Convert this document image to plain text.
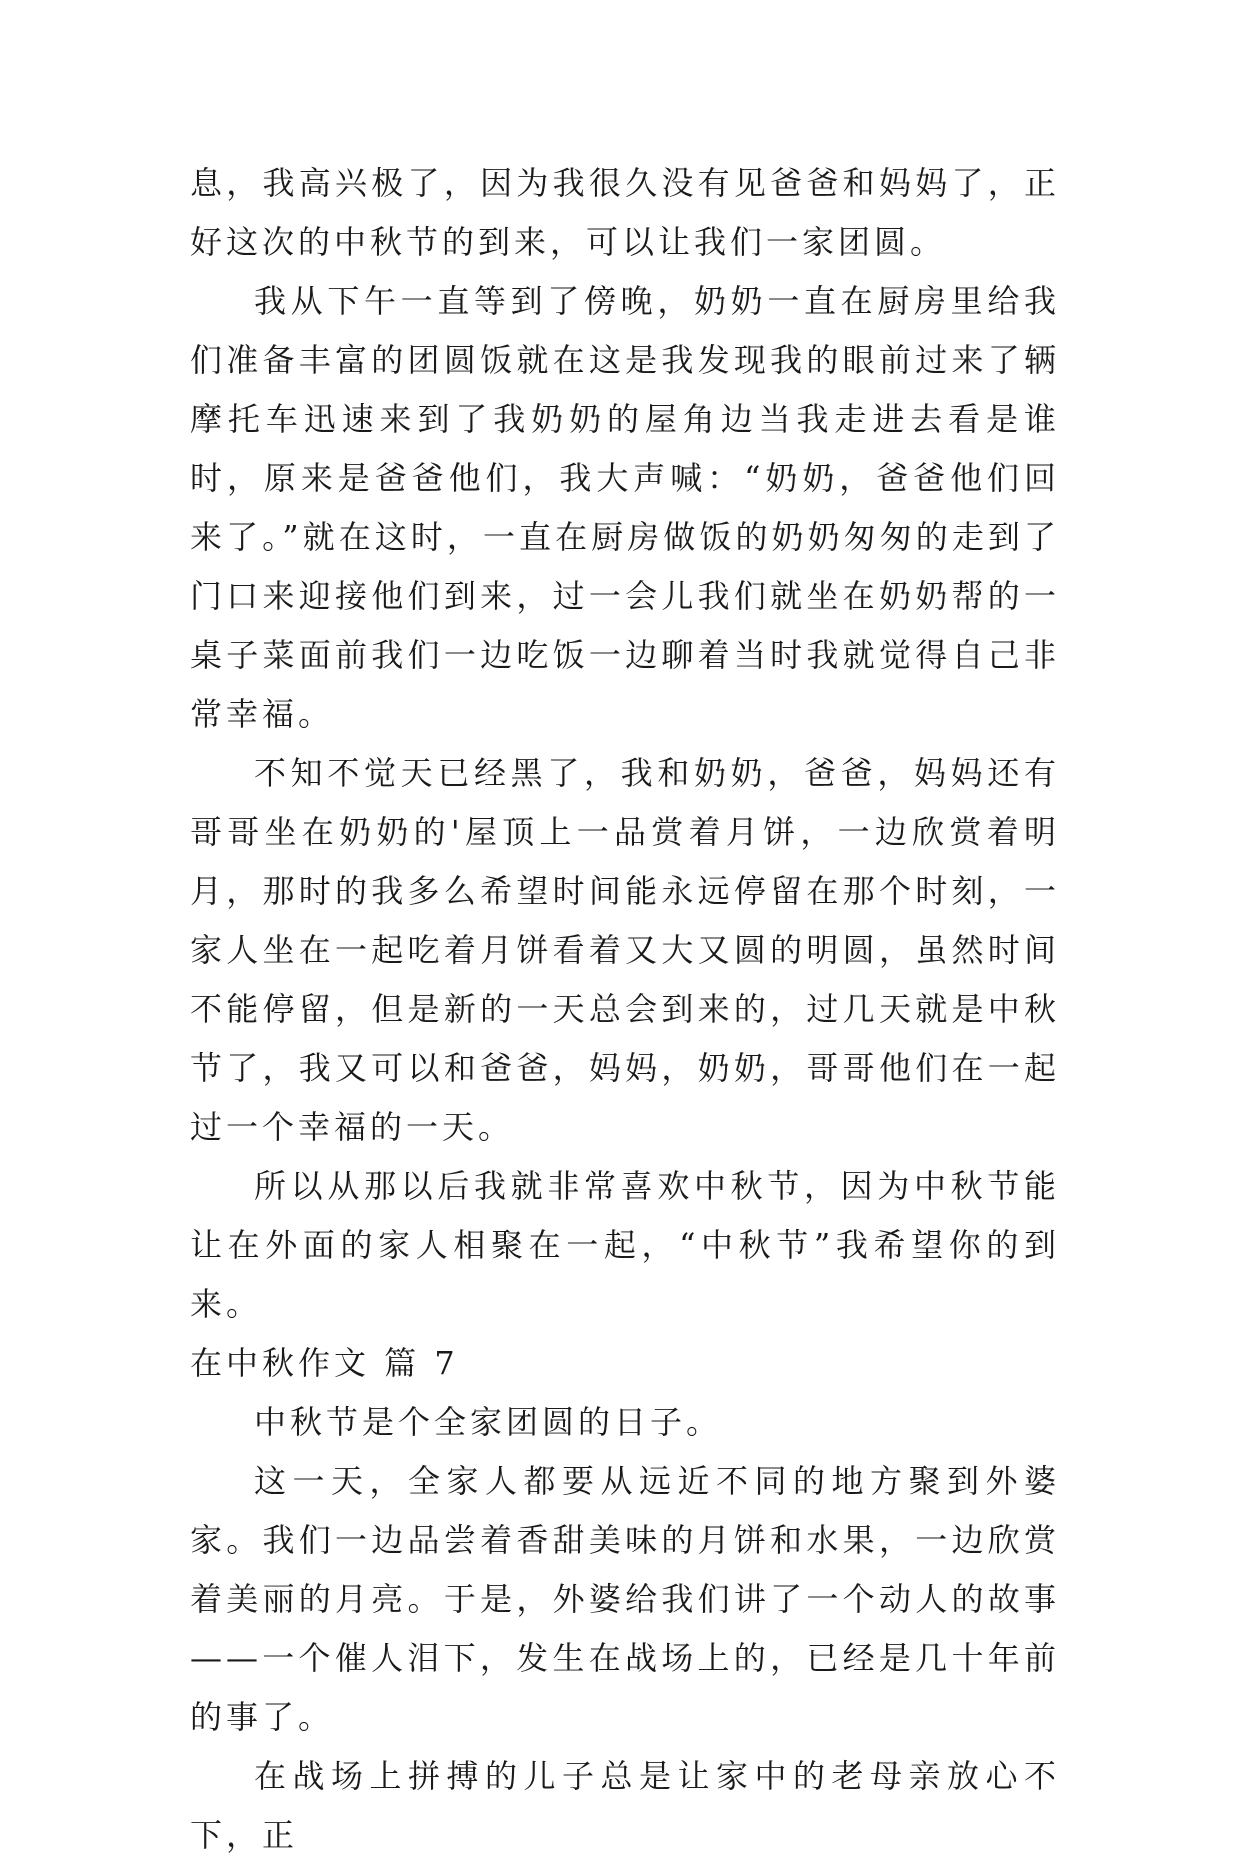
息，我高兴极了，因为我很久没有见爸爸和妈妈了，正好这次的中秋节的到来，可以让我们一家团圆。

我从下午一直等到了傍晚，奶奶一直在厨房里给我们准备丰富的团圆饭就在这是我发现我的眼前过来了辆摩托车迅速来到了我奶奶的屋角边当我走进去看是谁时，原来是爸爸他们，我大声喊：“奶奶，爸爸他们回来了。”就在这时，一直在厨房做饭的奶奶匆匆的走到了门口来迎接他们到来，过一会儿我们就坐在奶奶帮的一桌子菜面前我们一边吃饭一边聊着当时我就觉得自己非常幸福。

不知不觉天已经黑了，我和奶奶，爸爸，妈妈还有哥哥坐在奶奶的'屋顶上一品赏着月饼，一边欣赏着明月，那时的我多么希望时间能永远停留在那个时刻，一家人坐在一起吃着月饼看着又大又圆的明圆，虽然时间不能停留，但是新的一天总会到来的，过几天就是中秋节了，我又可以和爸爸，妈妈，奶奶，哥哥他们在一起过一个幸福的一天。

所以从那以后我就非常喜欢中秋节，因为中秋节能让在外面的家人相聚在一起，“中秋节”我希望你的到来。

在中秋作文 篇 7

中秋节是个全家团圆的日子。

这一天，全家人都要从远近不同的地方聚到外婆家。我们一边品尝着香甜美味的月饼和水果，一边欣赏着美丽的月亮。于是，外婆给我们讲了一个动人的故事——一个催人泪下，发生在战场上的，已经是几十年前的事了。

在战场上拼搏的儿子总是让家中的老母亲放心不下，正
